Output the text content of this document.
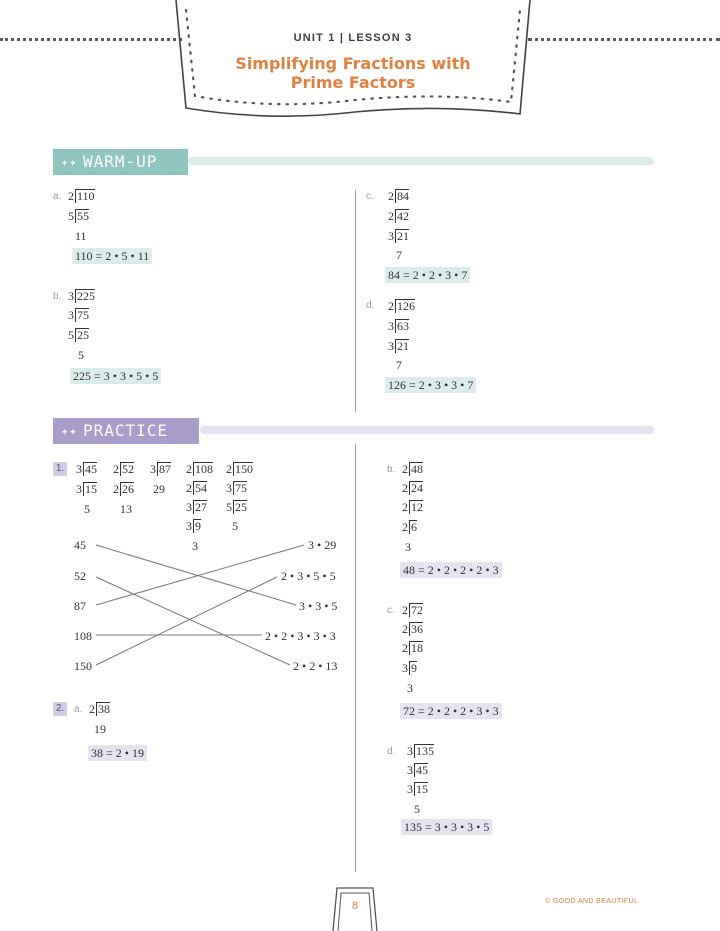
UNIT 1 | LESSON 3
Simplifying Fractions with
Prime Factors
✦✦ WARM-UP
a. 2 110
5 55
11
110 = 2 • 5 • 11
b. 3 225
3 75
5 25
5
225 = 3 • 3 • 5 • 5
c. 2 84
2 42
3 21
7
84 = 2 • 2 • 3 • 7
d. 2 126
3 63
3 21
7
126 = 2 • 3 • 3 • 7
✦✦ PRACTICE
1. 3 45
3 15
5
2 52
2 26
13
3 87
29
2 108
2 54
3 27
3 9
3
2 150
3 75
5 25
5
45
52
87
108
150
3 • 29
2 • 3 • 5 • 5
3 • 3 • 5
2 • 2 • 3 • 3 • 3
2 • 2 • 13
2. a. 2 38
19
38 = 2 • 19
b. 2 48
2 24
2 12
2 6
3
48 = 2 • 2 • 2 • 2 • 3
c. 2 72
2 36
2 18
3 9
3
72 = 2 • 2 • 2 • 3 • 3
d. 3 135
3 45
3 15
5
135 = 3 • 3 • 3 • 5
8	© GOOD AND BEAUTIFUL
